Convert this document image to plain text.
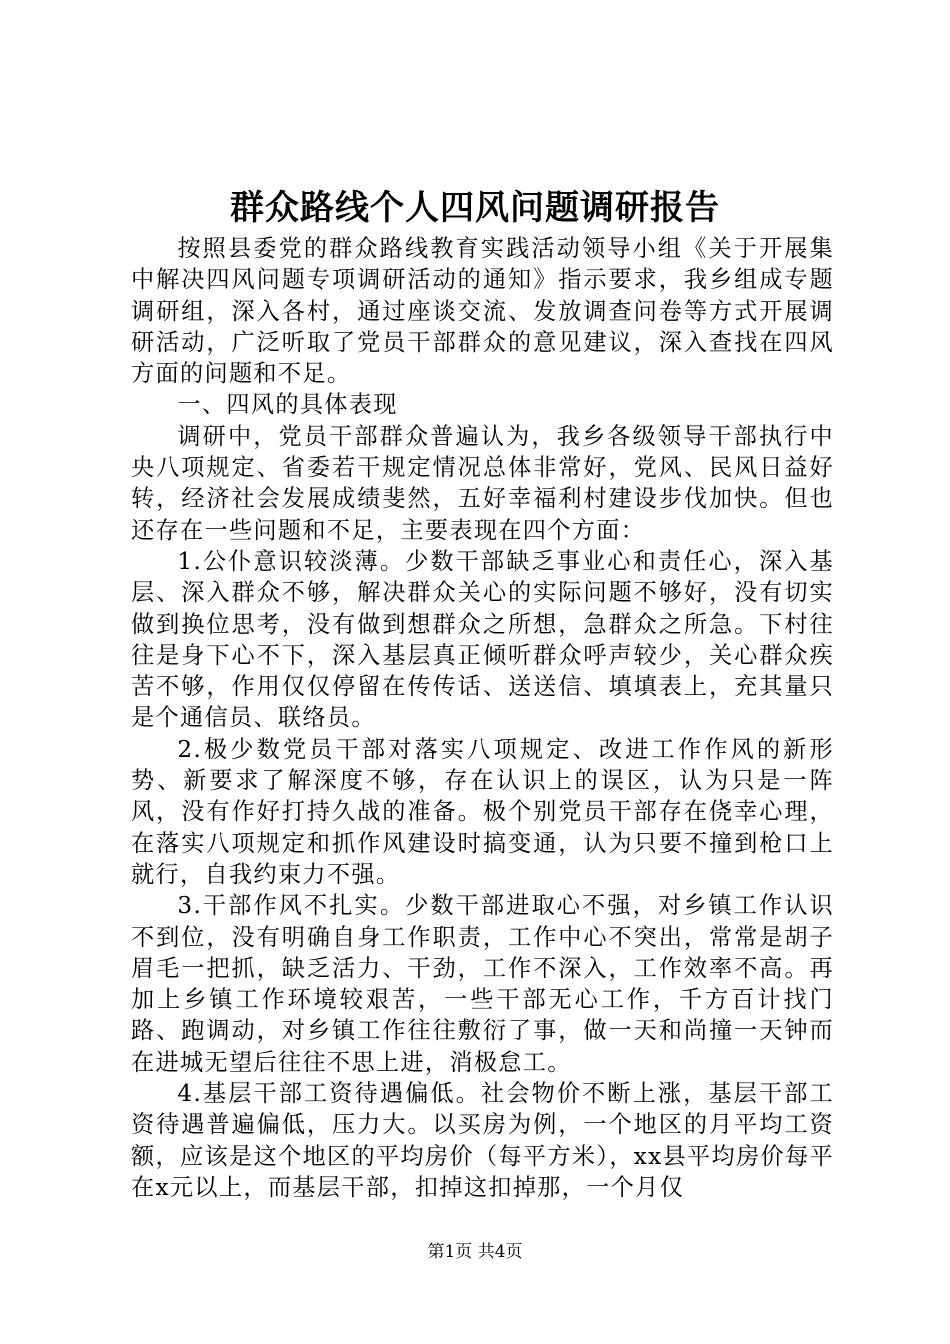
群众路线个人四风问题调研报告

按照县委党的群众路线教育实践活动领导小组《关于开展集中解决四风问题专项调研活动的通知》指示要求，我乡组成专题调研组，深入各村，通过座谈交流、发放调查问卷等方式开展调研活动，广泛听取了党员干部群众的意见建议，深入查找在四风方面的问题和不足。

一、四风的具体表现

调研中，党员干部群众普遍认为，我乡各级领导干部执行中央八项规定、省委若干规定情况总体非常好，党风、民风日益好转，经济社会发展成绩斐然，五好幸福利村建设步伐加快。但也还存在一些问题和不足，主要表现在四个方面：

1.公仆意识较淡薄。少数干部缺乏事业心和责任心，深入基层、深入群众不够，解决群众关心的实际问题不够好，没有切实做到换位思考，没有做到想群众之所想，急群众之所急。下村往往是身下心不下，深入基层真正倾听群众呼声较少，关心群众疾苦不够，作用仅仅停留在传传话、送送信、填填表上，充其量只是个通信员、联络员。

2.极少数党员干部对落实八项规定、改进工作作风的新形势、新要求了解深度不够，存在认识上的误区，认为只是一阵风，没有作好打持久战的准备。极个别党员干部存在侥幸心理，在落实八项规定和抓作风建设时搞变通，认为只要不撞到枪口上就行，自我约束力不强。

3.干部作风不扎实。少数干部进取心不强，对乡镇工作认识不到位，没有明确自身工作职责，工作中心不突出，常常是胡子眉毛一把抓，缺乏活力、干劲，工作不深入，工作效率不高。再加上乡镇工作环境较艰苦，一些干部无心工作，千方百计找门路、跑调动，对乡镇工作往往敷衍了事，做一天和尚撞一天钟而在进城无望后往往不思上进，消极怠工。

4.基层干部工资待遇偏低。社会物价不断上涨，基层干部工资待遇普遍偏低，压力大。以买房为例，一个地区的月平均工资额，应该是这个地区的平均房价（每平方米），xx县平均房价每平在x元以上，而基层干部，扣掉这扣掉那，一个月仅

第1页 共4页
